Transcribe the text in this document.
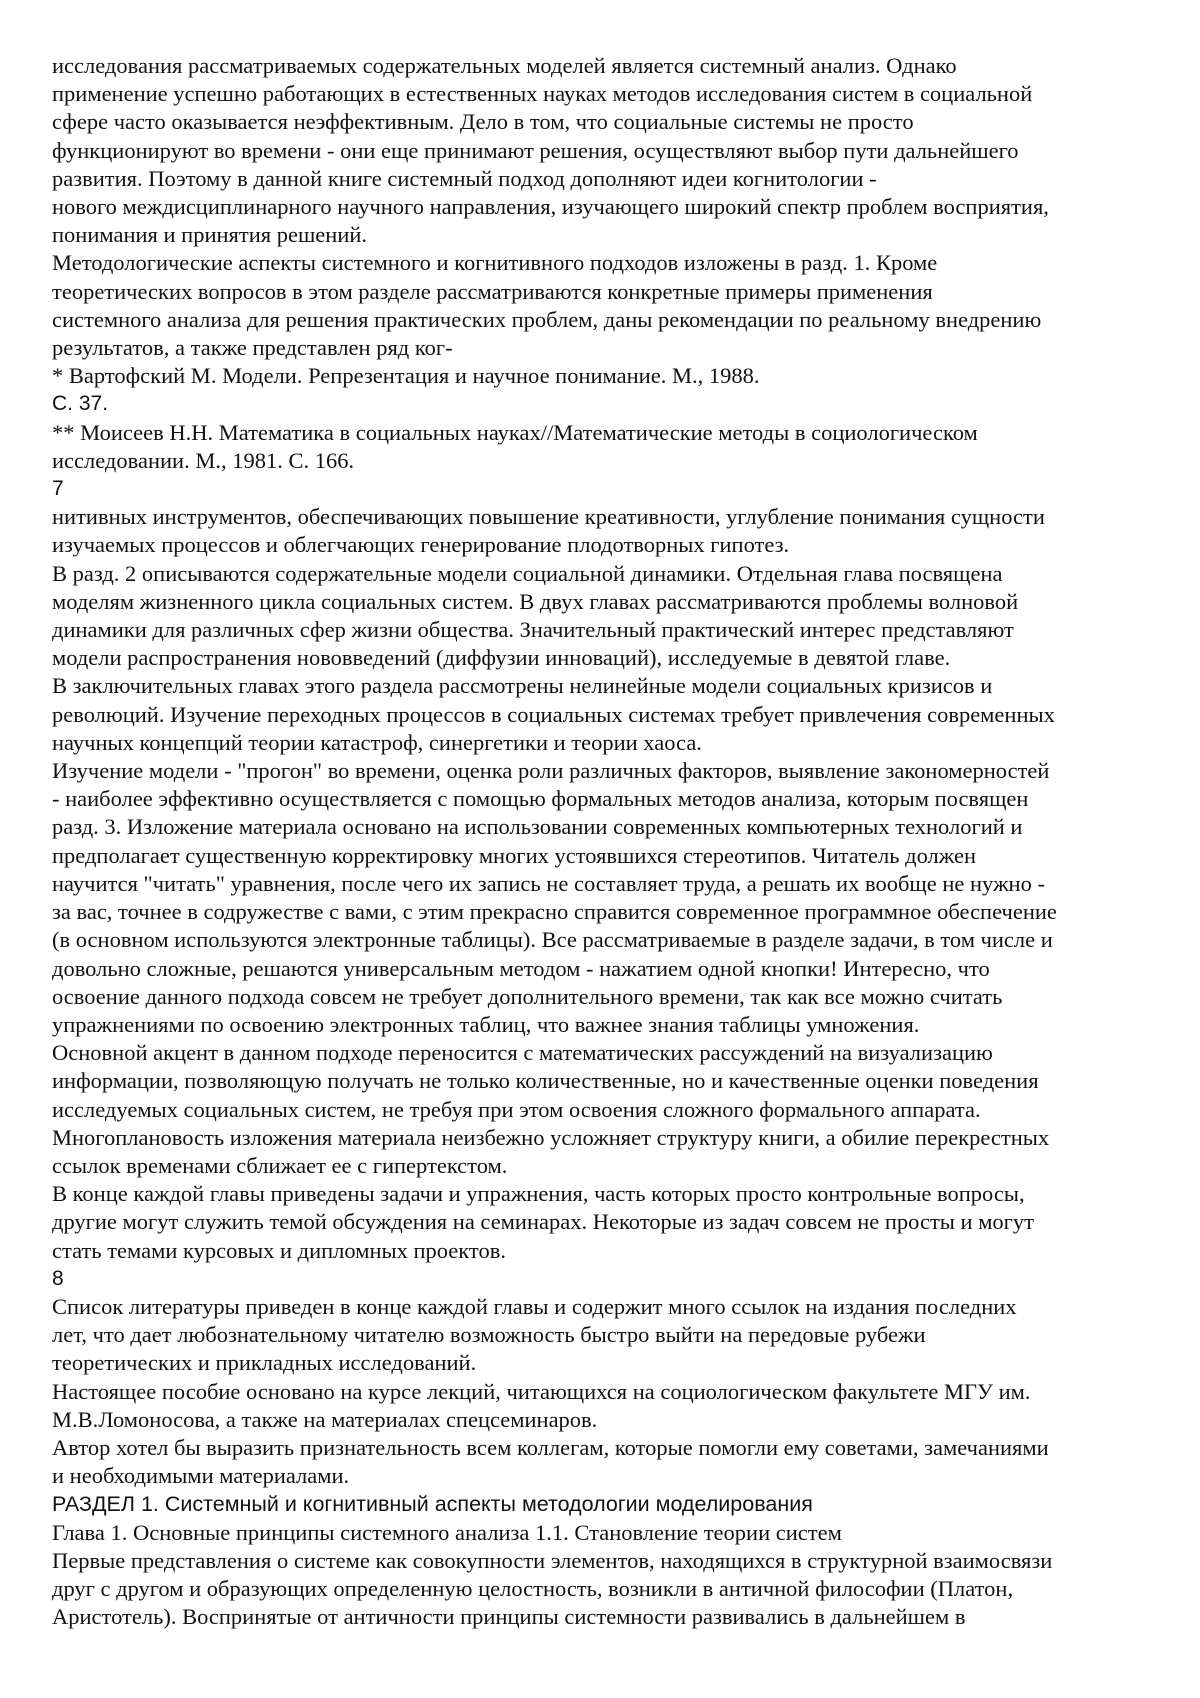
исследования рассматриваемых содержательных моделей является системный анализ. Однако

применение успешно работающих в естественных науках методов исследования систем в социальной

сфере часто оказывается неэффективным. Дело в том, что социальные системы не просто

функционируют во времени - они еще принимают решения, осуществляют выбор пути дальнейшего

развития. Поэтому в данной книге системный подход дополняют идеи когнитологии -

нового междисциплинарного научного направления, изучающего широкий спектр проблем восприятия,

понимания и принятия решений.

Методологические аспекты системного и когнитивного подходов изложены в разд. 1. Кроме

теоретических вопросов в этом разделе рассматриваются конкретные примеры применения

системного анализа для решения практических проблем, даны рекомендации по реальному внедрению

результатов, а также представлен ряд ког-

* Вартофский М. Модели. Репрезентация и научное понимание. М., 1988.

С. 37.

** Моисеев Н.Н. Математика в социальных науках//Математические методы в социологическом

исследовании. М., 1981. С. 166.

7

нитивных инструментов, обеспечивающих повышение креативности, углубление понимания сущности

изучаемых процессов и облегчающих генерирование плодотворных гипотез.

В разд. 2 описываются содержательные модели социальной динамики. Отдельная глава посвящена

моделям жизненного цикла социальных систем. В двух главах рассматриваются проблемы волновой

динамики для различных сфер жизни общества. Значительный практический интерес представляют

модели распространения нововведений (диффузии инноваций), исследуемые в девятой главе.

В заключительных главах этого раздела рассмотрены нелинейные модели социальных кризисов и

революций. Изучение переходных процессов в социальных системах требует привлечения современных

научных концепций теории катастроф, синергетики и теории хаоса.

Изучение модели - "прогон" во времени, оценка роли различных факторов, выявление закономерностей

- наиболее эффективно осуществляется с помощью формальных методов анализа, которым посвящен

разд. 3. Изложение материала основано на использовании современных компьютерных технологий и

предполагает существенную корректировку многих устоявшихся стереотипов. Читатель должен

научится "читать" уравнения, после чего их запись не составляет труда, а решать их вообще не нужно -

за вас, точнее в содружестве с вами, с этим прекрасно справится современное программное обеспечение

(в основном используются электронные таблицы). Все рассматриваемые в разделе задачи, в том числе и

довольно сложные, решаются универсальным методом - нажатием одной кнопки! Интересно, что

освоение данного подхода совсем не требует дополнительного времени, так как все можно считать

упражнениями по освоению электронных таблиц, что важнее знания таблицы умножения.

Основной акцент в данном подходе переносится с математических рассуждений на визуализацию

информации, позволяющую получать не только количественные, но и качественные оценки поведения

исследуемых социальных систем, не требуя при этом освоения сложного формального аппарата.

Многоплановость изложения материала неизбежно усложняет структуру книги, а обилие перекрестных

ссылок временами сближает ее с гипертекстом.

В конце каждой главы приведены задачи и упражнения, часть которых просто контрольные вопросы,

другие могут служить темой обсуждения на семинарах. Некоторые из задач совсем не просты и могут

стать темами курсовых и дипломных проектов.

8

Список литературы приведен в конце каждой главы и содержит много ссылок на издания последних

лет, что дает любознательному читателю возможность быстро выйти на передовые рубежи

теоретических и прикладных исследований.

Настоящее пособие основано на курсе лекций, читающихся на социологическом факультете МГУ им.

М.В.Ломоносова, а также на материалах спецсеминаров.

Автор хотел бы выразить признательность всем коллегам, которые помогли ему советами, замечаниями

и необходимыми материалами.

РАЗДЕЛ 1. Системный и когнитивный аспекты методологии моделирования

Глава 1. Основные принципы системного анализа 1.1. Становление теории систем

Первые представления о системе как совокупности элементов, находящихся в структурной взаимосвязи

друг с другом и образующих определенную целостность, возникли в античной философии (Платон,

Аристотель). Воспринятые от античности принципы системности развивались в дальнейшем в
